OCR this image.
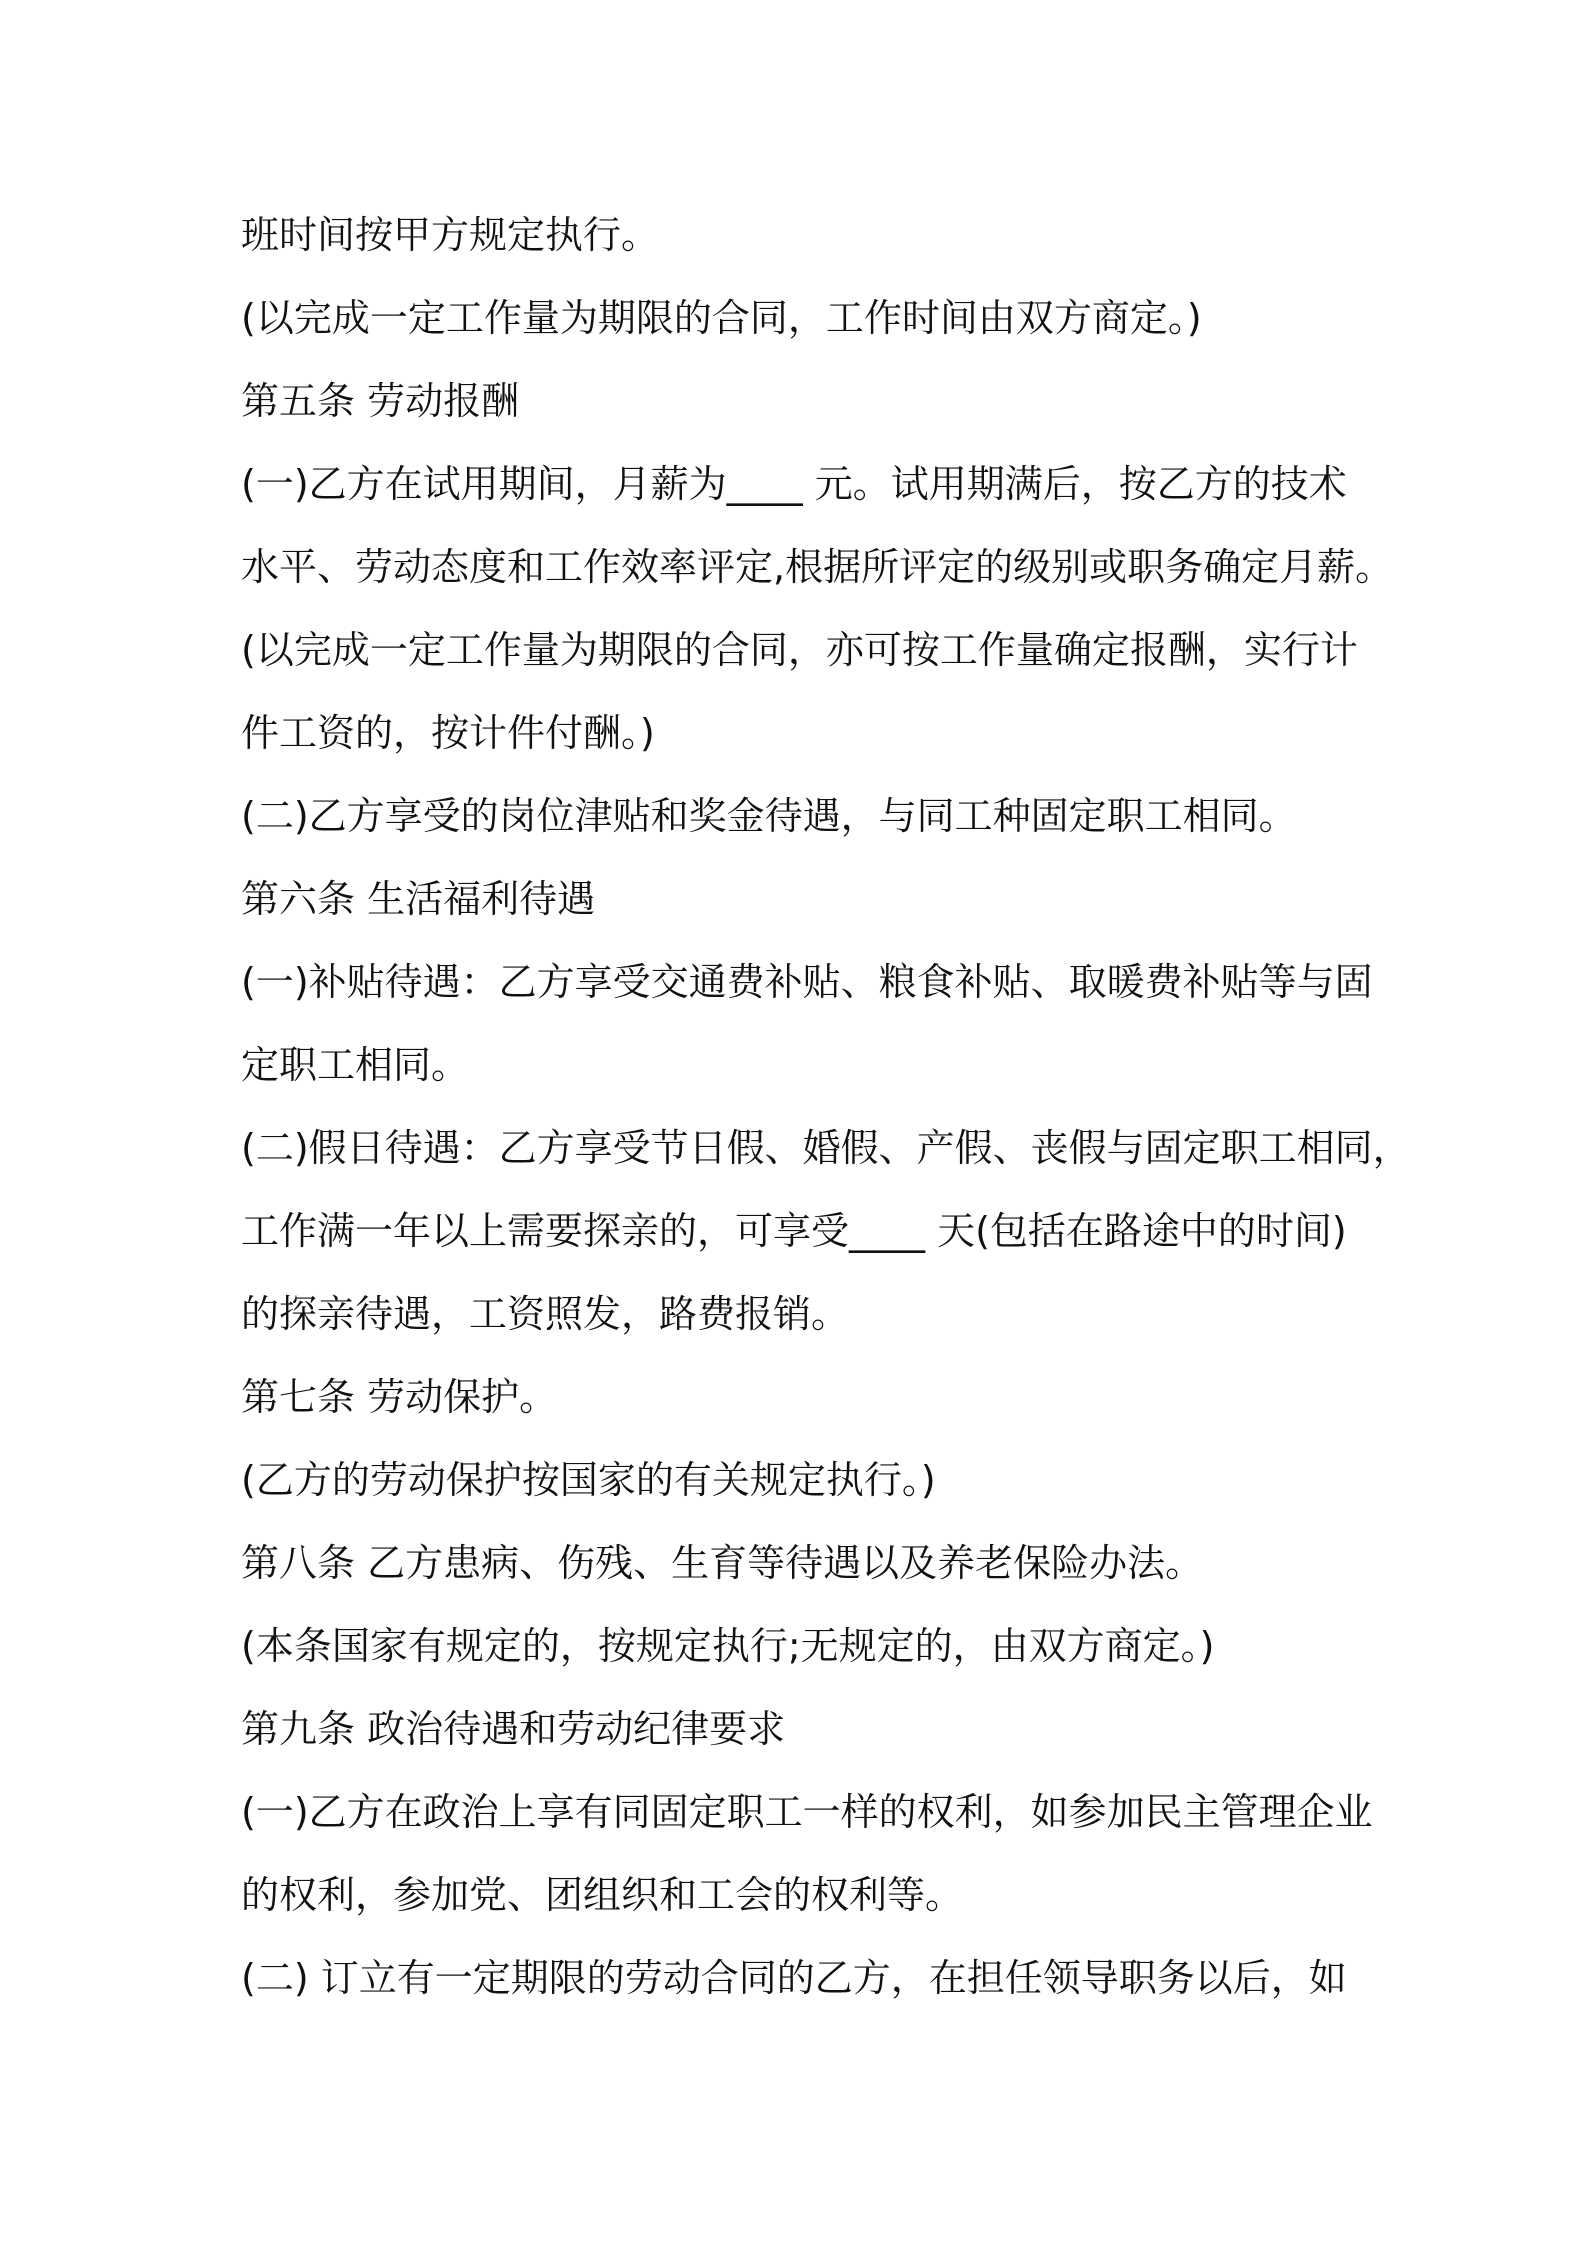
班时间按甲方规定执行。
(以完成一定工作量为期限的合同，工作时间由双方商定。)
第五条 劳动报酬
(一)乙方在试用期间，月薪为____ 元。试用期满后，按乙方的技术
水平、劳动态度和工作效率评定,根据所评定的级别或职务确定月薪。
(以完成一定工作量为期限的合同，亦可按工作量确定报酬，实行计
件工资的，按计件付酬。)
(二)乙方享受的岗位津贴和奖金待遇，与同工种固定职工相同。
第六条 生活福利待遇
(一)补贴待遇：乙方享受交通费补贴、粮食补贴、取暖费补贴等与固
定职工相同。
(二)假日待遇：乙方享受节日假、婚假、产假、丧假与固定职工相同，
工作满一年以上需要探亲的，可享受____ 天(包括在路途中的时间)
的探亲待遇，工资照发，路费报销。
第七条 劳动保护。
(乙方的劳动保护按国家的有关规定执行。)
第八条 乙方患病、伤残、生育等待遇以及养老保险办法。
(本条国家有规定的，按规定执行;无规定的，由双方商定。)
第九条 政治待遇和劳动纪律要求
(一)乙方在政治上享有同固定职工一样的权利，如参加民主管理企业
的权利，参加党、团组织和工会的权利等。
(二) 订立有一定期限的劳动合同的乙方，在担任领导职务以后，如
